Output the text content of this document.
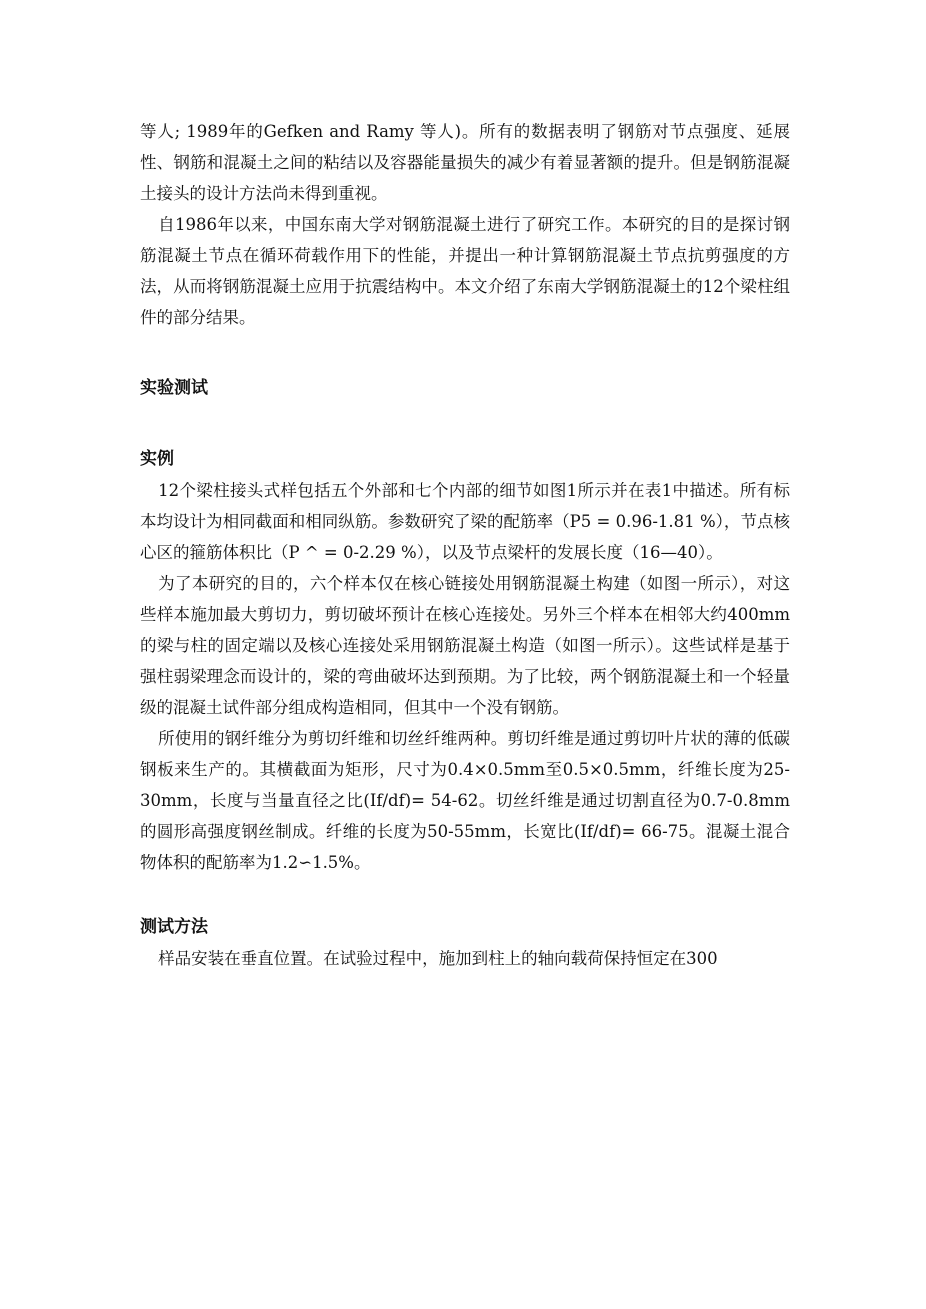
等人; 1989年的Gefken and Ramy 等人)。所有的数据表明了钢筋对节点强度、延展性、钢筋和混凝土之间的粘结以及容器能量损失的减少有着显著额的提升。但是钢筋混凝土接头的设计方法尚未得到重视。

自1986年以来，中国东南大学对钢筋混凝土进行了研究工作。本研究的目的是探讨钢筋混凝土节点在循环荷载作用下的性能，并提出一种计算钢筋混凝土节点抗剪强度的方法，从而将钢筋混凝土应用于抗震结构中。本文介绍了东南大学钢筋混凝土的12个梁柱组件的部分结果。

实验测试

实例

12个梁柱接头式样包括五个外部和七个内部的细节如图1所示并在表1中描述。所有标本均设计为相同截面和相同纵筋。参数研究了梁的配筋率（P5 = 0.96-1.81 %），节点核心区的箍筋体积比（P ^ = 0-2.29 %），以及节点梁杆的发展长度（16—40）。

为了本研究的目的，六个样本仅在核心链接处用钢筋混凝土构建（如图一所示），对这些样本施加最大剪切力，剪切破坏预计在核心连接处。另外三个样本在相邻大约400mm的梁与柱的固定端以及核心连接处采用钢筋混凝土构造（如图一所示）。这些试样是基于强柱弱梁理念而设计的，梁的弯曲破坏达到预期。为了比较，两个钢筋混凝土和一个轻量级的混凝土试件部分组成构造相同，但其中一个没有钢筋。

所使用的钢纤维分为剪切纤维和切丝纤维两种。剪切纤维是通过剪切叶片状的薄的低碳钢板来生产的。其横截面为矩形，尺寸为0.4×0.5mm至0.5×0.5mm，纤维长度为25-30mm，长度与当量直径之比(If/df)= 54-62。切丝纤维是通过切割直径为0.7-0.8mm的圆形高强度钢丝制成。纤维的长度为50-55mm，长宽比(If/df)= 66-75。混凝土混合物体积的配筋率为1.2∽1.5%。

测试方法

样品安装在垂直位置。在试验过程中，施加到柱上的轴向载荷保持恒定在300
